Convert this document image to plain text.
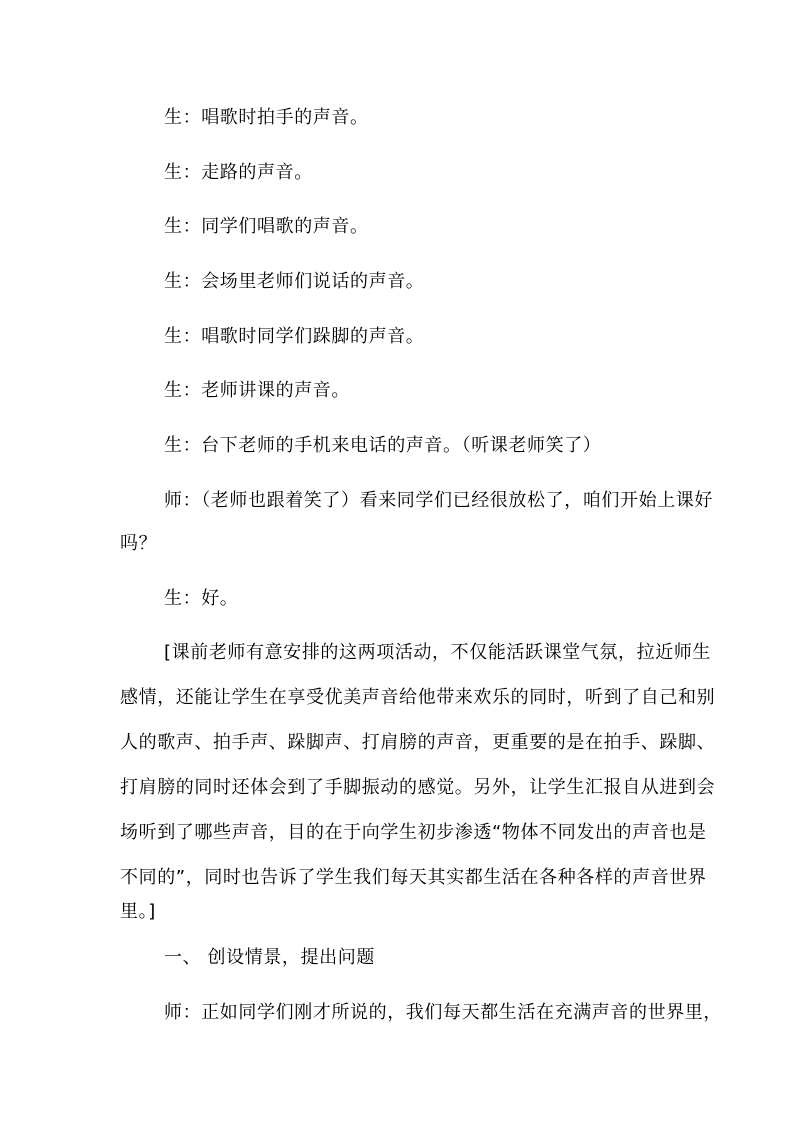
生：唱歌时拍手的声音。
生：走路的声音。
生：同学们唱歌的声音。
生：会场里老师们说话的声音。
生：唱歌时同学们跺脚的声音。
生：老师讲课的声音。
生：台下老师的手机来电话的声音。（听课老师笑了）
师：（老师也跟着笑了）看来同学们已经很放松了，咱们开始上课好
吗？
生：好。
[课前老师有意安排的这两项活动，不仅能活跃课堂气氛，拉近师生
感情，还能让学生在享受优美声音给他带来欢乐的同时，听到了自己和别
人的歌声、拍手声、跺脚声、打肩膀的声音，更重要的是在拍手、跺脚、
打肩膀的同时还体会到了手脚振动的感觉。另外，让学生汇报自从进到会
场听到了哪些声音，目的在于向学生初步渗透“物体不同发出的声音也是
不同的”，同时也告诉了学生我们每天其实都生活在各种各样的声音世界
里。]
一、 创设情景，提出问题
师：正如同学们刚才所说的，我们每天都生活在充满声音的世界里，
